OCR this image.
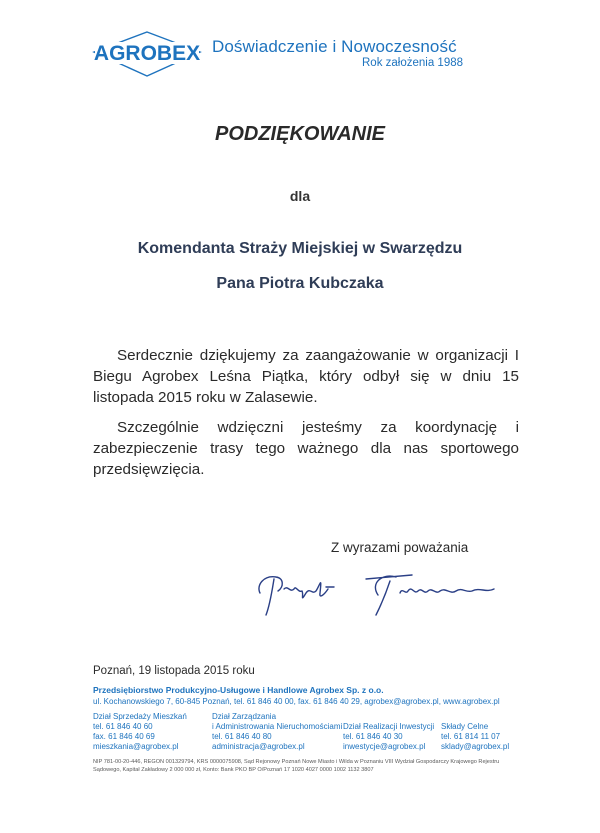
AGROBEX Doświadczenie i Nowoczesność
Rok założenia 1988
PODZIĘKOWANIE
dla
Komendanta Straży Miejskiej w Swarzędzu
Pana Piotra Kubczaka
Serdecznie dziękujemy za zaangażowanie w organizacji I Biegu Agrobex Leśna Piątka, który odbył się w dniu 15 listopada 2015 roku w Zalasewie.
Szczególnie wdzięczni jesteśmy za koordynację i zabezpieczenie trasy tego ważnego dla nas sportowego przedsięwzięcia.
Z wyrazami poważania
Poznań, 19 listopada 2015 roku
Przedsiębiorstwo Produkcyjno-Usługowe i Handlowe Agrobex Sp. z o.o.
ul. Kochanowskiego 7, 60-845 Poznań, tel. 61 846 40 00, fax. 61 846 40 29, agrobex@agrobex.pl, www.agrobex.pl
Dział Sprzedaży Mieszkań
tel. 61 846 40 60
fax. 61 846 40 69
mieszkania@agrobex.pl
Dział Zarządzania
i Administrowania Nieruchomościami
tel. 61 846 40 80
administracja@agrobex.pl
Dział Realizacji Inwestycji
tel. 61 846 40 30
inwestycje@agrobex.pl
Składy Celne
tel. 61 814 11 07
sklady@agrobex.pl
NIP 781-00-20-446, REGON 001329794, KRS 0000075908, Sąd Rejonowy Poznań Nowe Miasto i Wilda w Poznaniu VIII Wydział Gospodarczy Krajowego Rejestru Sądowego, Kapitał Zakładowy 2 000 000 zł, Konto: Bank PKO BP O/Poznań 17 1020 4027 0000 1002 1132 3807
